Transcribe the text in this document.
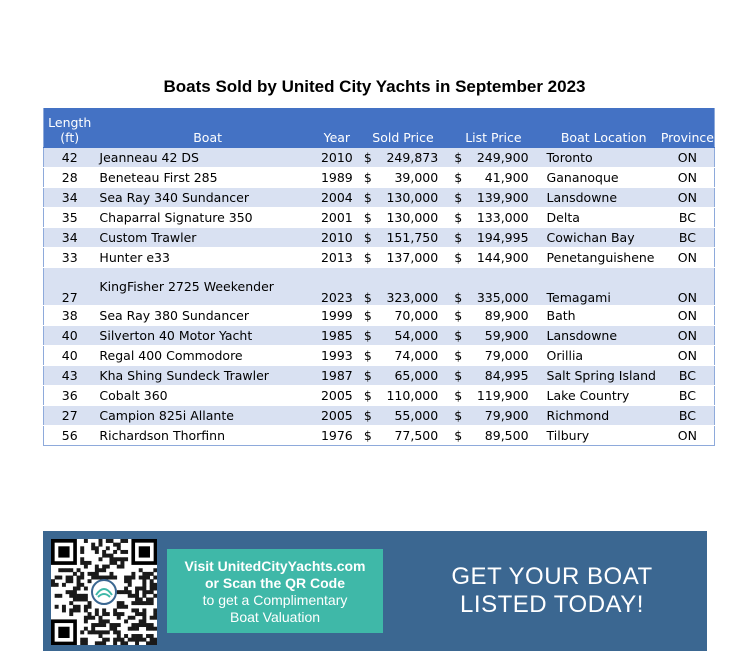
Boats Sold by United City Yachts in September 2023
Length
(ft)	Boat	Year	Sold Price		List Price		Boat Location	Province
42	Jeanneau 42 DS	2010	$	249,873	$	249,900	Toronto	ON
28	Beneteau First 285	1989	$	39,000	$	41,900	Gananoque	ON
34	Sea Ray 340 Sundancer	2004	$	130,000	$	139,900	Lansdowne	ON
35	Chaparral Signature 350	2001	$	130,000	$	133,000	Delta	BC
34	Custom Trawler	2010	$	151,750	$	194,995	Cowichan Bay	BC
33	Hunter e33	2013	$	137,000	$	144,900	Penetanguishene	ON
27	KingFisher 2725 Weekender	2023	$	323,000	$	335,000	Temagami	ON
38	Sea Ray 380 Sundancer	1999	$	70,000	$	89,900	Bath	ON
40	Silverton 40 Motor Yacht	1985	$	54,000	$	59,900	Lansdowne	ON
40	Regal 400 Commodore	1993	$	74,000	$	79,000	Orillia	ON
43	Kha Shing Sundeck Trawler	1987	$	65,000	$	84,995	Salt Spring Island	BC
36	Cobalt 360	2005	$	110,000	$	119,900	Lake Country	BC
27	Campion 825i Allante	2005	$	55,000	$	79,900	Richmond	BC
56	Richardson Thorfinn	1976	$	77,500	$	89,500	Tilbury	ON
Visit UnitedCityYachts.com
or Scan the QR Code
to get a Complimentary
Boat Valuation
GET YOUR BOAT
LISTED TODAY!
